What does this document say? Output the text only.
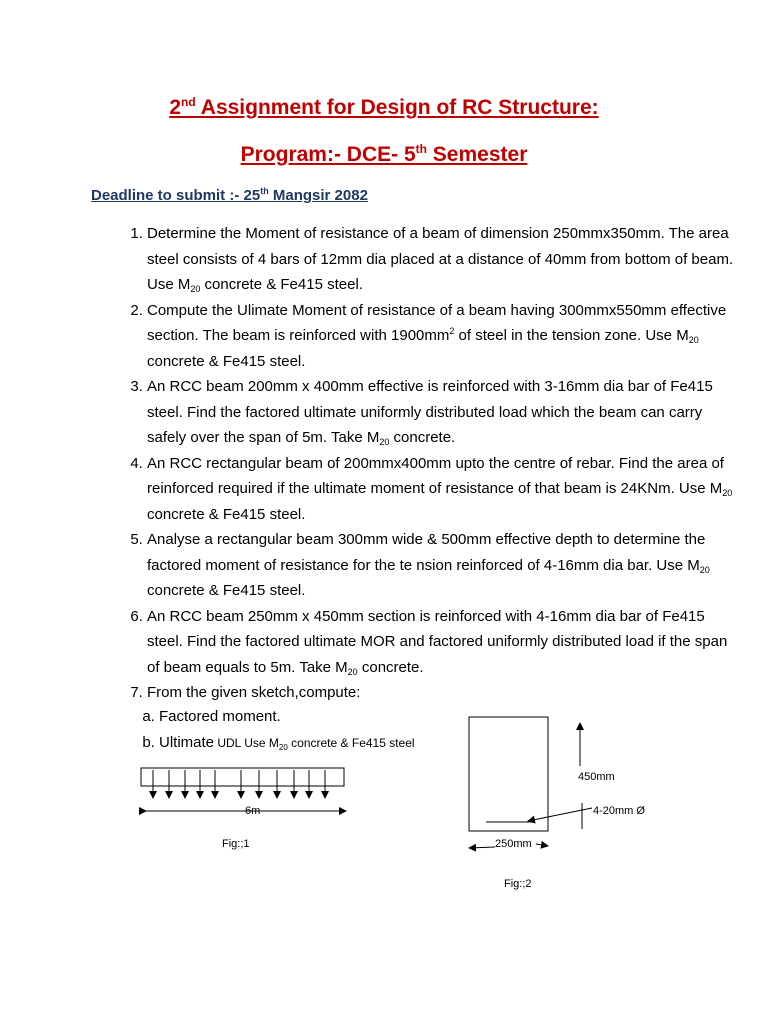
2nd Assignment for Design of RC Structure:
Program:- DCE- 5th Semester
Deadline to submit :- 25th Mangsir 2082
1. Determine the Moment of resistance of a beam of dimension 250mmx350mm. The area steel consists of 4 bars of 12mm dia placed at a distance of 40mm from bottom of beam. Use $M_{20}$ concrete & Fe415 steel.
2. Compute the Ulimate Moment of resistance of a beam having 300mmx550mm effective section. The beam is reinforced with $1900mm^2$ of steel in the tension zone. Use $M_{20}$ concrete & Fe415 steel.
3. An RCC beam 200mm x 400mm effective is reinforced with 3-16mm dia bar of Fe415 steel. Find the factored ultimate uniformly distributed load which the beam can carry safely over the span of 5m. Take $M_{20}$ concrete.
4. An RCC rectangular beam of 200mmx400mm upto the centre of rebar. Find the area of reinforced required if the ultimate moment of resistance of that beam is 24KNm. Use $M_{20}$ concrete & Fe415 steel.
5. Analyse a rectangular beam 300mm wide & 500mm effective depth to determine the factored moment of resistance for the te nsion reinforced of 4-16mm dia bar. Use $M_{20}$ concrete & Fe415 steel.
6. An RCC beam 250mm x 450mm section is reinforced with 4-16mm dia bar of Fe415 steel. Find the factored ultimate MOR and factored uniformly distributed load if the span of beam equals to 5m. Take $M_{20}$ concrete.
7. From the given sketch,compute:
a. Factored moment.
b. Ultimate UDL Use $M_{20}$ concrete & Fe415 steel
6m
Fig:;1
450mm
4-20mm Ø
250mm
Fig:;2
